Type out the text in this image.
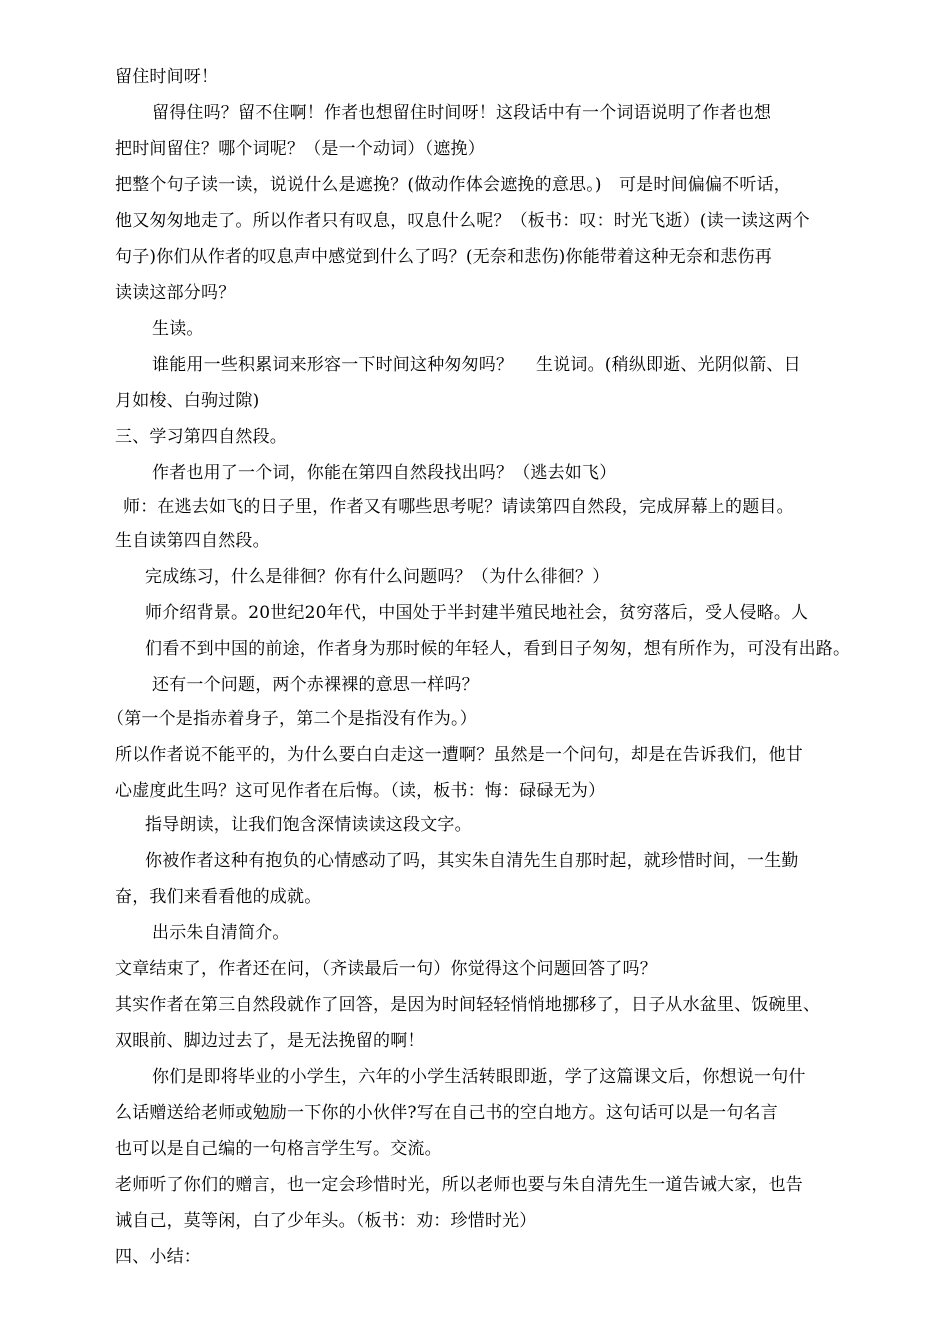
留住时间呀！
留得住吗？留不住啊！作者也想留住时间呀！这段话中有一个词语说明了作者也想
把时间留住？哪个词呢？（是一个动词）（遮挽）
把整个句子读一读，说说什么是遮挽？(做动作体会遮挽的意思。)　可是时间偏偏不听话，
他又匆匆地走了。所以作者只有叹息，叹息什么呢？（板书：叹：时光飞逝）(读一读这两个
句子)你们从作者的叹息声中感觉到什么了吗？(无奈和悲伤)你能带着这种无奈和悲伤再
读读这部分吗？
生读。
谁能用一些积累词来形容一下时间这种匆匆吗？　 生说词。(稍纵即逝、光阴似箭、日
月如梭、白驹过隙)
三、学习第四自然段。
作者也用了一个词，你能在第四自然段找出吗？（逃去如飞）
师：在逃去如飞的日子里，作者又有哪些思考呢？请读第四自然段，完成屏幕上的题目。
生自读第四自然段。
完成练习，什么是徘徊？你有什么问题吗？（为什么徘徊？）
师介绍背景。20世纪20年代，中国处于半封建半殖民地社会，贫穷落后，受人侵略。人
们看不到中国的前途，作者身为那时候的年轻人，看到日子匆匆，想有所作为，可没有出路。
还有一个问题，两个赤裸裸的意思一样吗？
（第一个是指赤着身子，第二个是指没有作为。）
所以作者说不能平的，为什么要白白走这一遭啊？虽然是一个问句，却是在告诉我们，他甘
心虚度此生吗？这可见作者在后悔。（读，板书：悔：碌碌无为）
指导朗读，让我们饱含深情读读这段文字。
你被作者这种有抱负的心情感动了吗，其实朱自清先生自那时起，就珍惜时间，一生勤
奋，我们来看看他的成就。
出示朱自清简介。
文章结束了，作者还在问，（齐读最后一句）你觉得这个问题回答了吗？
其实作者在第三自然段就作了回答，是因为时间轻轻悄悄地挪移了，日子从水盆里、饭碗里、
双眼前、脚边过去了，是无法挽留的啊！
你们是即将毕业的小学生，六年的小学生活转眼即逝，学了这篇课文后，你想说一句什
么话赠送给老师或勉励一下你的小伙伴?写在自己书的空白地方。这句话可以是一句名言
也可以是自己编的一句格言学生写。交流。
老师听了你们的赠言，也一定会珍惜时光，所以老师也要与朱自清先生一道告诫大家，也告
诫自己，莫等闲，白了少年头。（板书：劝：珍惜时光）
四、小结：
